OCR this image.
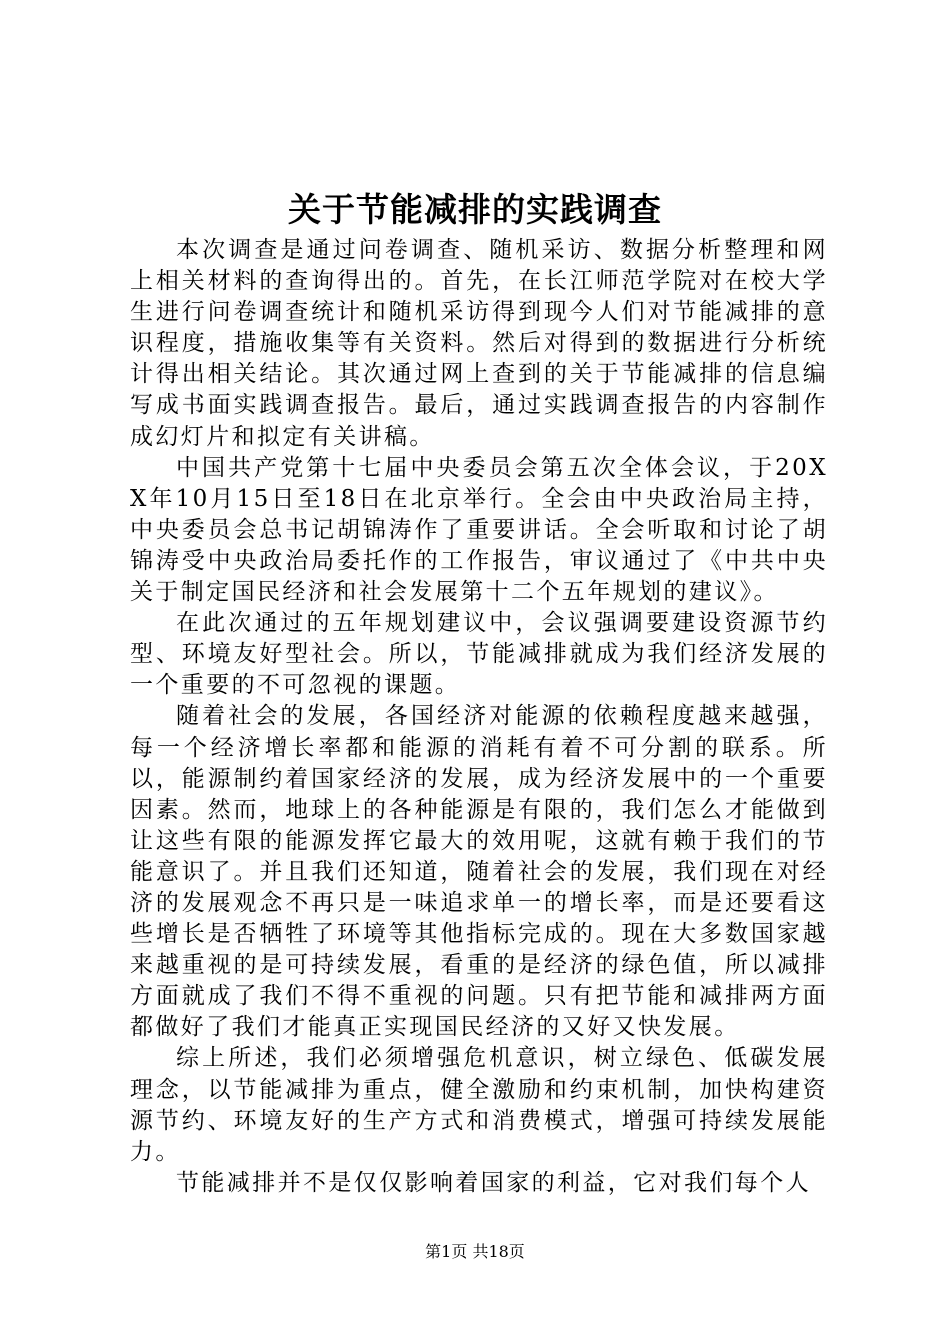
关于节能减排的实践调查

本次调查是通过问卷调查、随机采访、数据分析整理和网上相关材料的查询得出的。首先，在长江师范学院对在校大学生进行问卷调查统计和随机采访得到现今人们对节能减排的意识程度，措施收集等有关资料。然后对得到的数据进行分析统计得出相关结论。其次通过网上查到的关于节能减排的信息编写成书面实践调查报告。最后，通过实践调查报告的内容制作成幻灯片和拟定有关讲稿。

中国共产党第十七届中央委员会第五次全体会议，于20XX年10月15日至18日在北京举行。全会由中央政治局主持，中央委员会总书记胡锦涛作了重要讲话。全会听取和讨论了胡锦涛受中央政治局委托作的工作报告，审议通过了《中共中央关于制定国民经济和社会发展第十二个五年规划的建议》。

在此次通过的五年规划建议中，会议强调要建设资源节约型、环境友好型社会。所以，节能减排就成为我们经济发展的一个重要的不可忽视的课题。

随着社会的发展，各国经济对能源的依赖程度越来越强，每一个经济增长率都和能源的消耗有着不可分割的联系。所以，能源制约着国家经济的发展，成为经济发展中的一个重要因素。然而，地球上的各种能源是有限的，我们怎么才能做到让这些有限的能源发挥它最大的效用呢，这就有赖于我们的节能意识了。并且我们还知道，随着社会的发展，我们现在对经济的发展观念不再只是一味追求单一的增长率，而是还要看这些增长是否牺牲了环境等其他指标完成的。现在大多数国家越来越重视的是可持续发展，看重的是经济的绿色值，所以减排方面就成了我们不得不重视的问题。只有把节能和减排两方面都做好了我们才能真正实现国民经济的又好又快发展。

综上所述，我们必须增强危机意识，树立绿色、低碳发展理念，以节能减排为重点，健全激励和约束机制，加快构建资源节约、环境友好的生产方式和消费模式，增强可持续发展能力。

节能减排并不是仅仅影响着国家的利益，它对我们每个人

第1页 共18页
